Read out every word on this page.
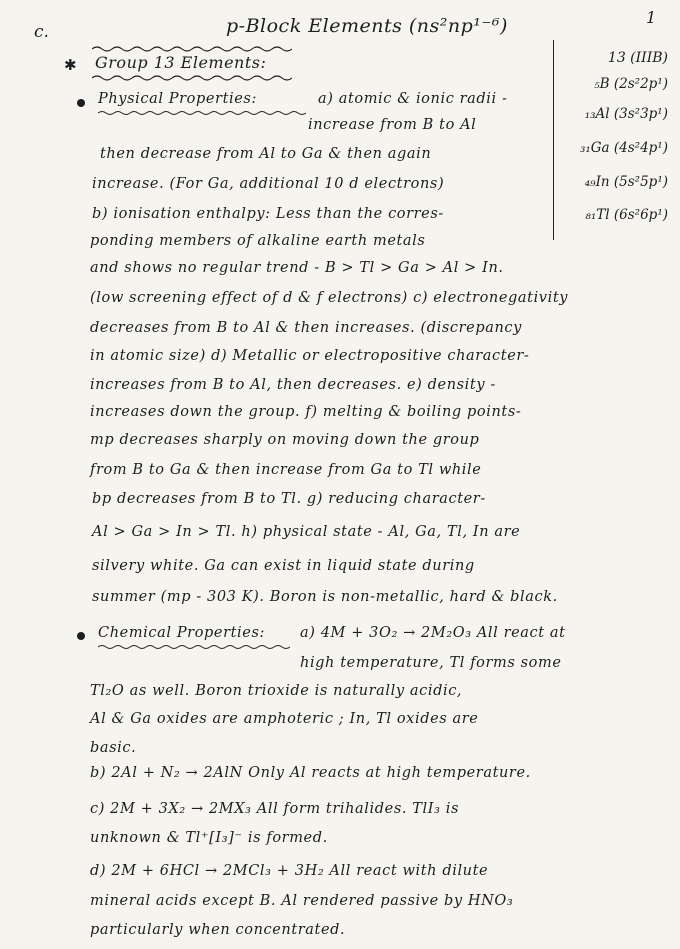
c.	p-Block Elements (ns²np¹⁻⁶)	1
✱ Group 13 Elements:	13 (IIIB)
₅B (2s²2p¹)
₁₃Al (3s²3p¹)
₃₁Ga (4s²4p¹)
₄₉In (5s²5p¹)
₈₁Tl (6s²6p¹)
Physical Properties:	a) atomic & ionic radii -
increase from B to Al
then decrease from Al to Ga & then again
increase. (For Ga, additional 10 d electrons)
b) ionisation enthalpy: Less than the corres-
ponding members of alkaline earth metals
and shows no regular trend - B > Tl > Ga > Al > In.
(low screening effect of d & f electrons) c) electronegativity
decreases from B to Al & then increases. (discrepancy
in atomic size) d) Metallic or electropositive character-
increases from B to Al, then decreases. e) density -
increases down the group. f) melting & boiling points-
mp decreases sharply on moving down the group
from B to Ga & then increase from Ga to Tl while
bp decreases from B to Tl. g) reducing character-
Al > Ga > In > Tl. h) physical state - Al, Ga, Tl, In are
silvery white. Ga can exist in liquid state during
summer (mp - 303 K). Boron is non-metallic, hard & black.
Chemical Properties: a) 4M + 3O₂ → 2M₂O₃ All react at
high temperature, Tl forms some
Tl₂O as well. Boron trioxide is naturally acidic,
Al & Ga oxides are amphoteric ; In, Tl oxides are
basic.
b) 2Al + N₂ → 2AlN Only Al reacts at high temperature.
c) 2M + 3X₂ → 2MX₃ All form trihalides. TlI₃ is
unknown & Tl⁺[I₃]⁻ is formed.
d) 2M + 6HCl → 2MCl₃ + 3H₂ All react with dilute
mineral acids except B. Al rendered passive by HNO₃
particularly when concentrated.
